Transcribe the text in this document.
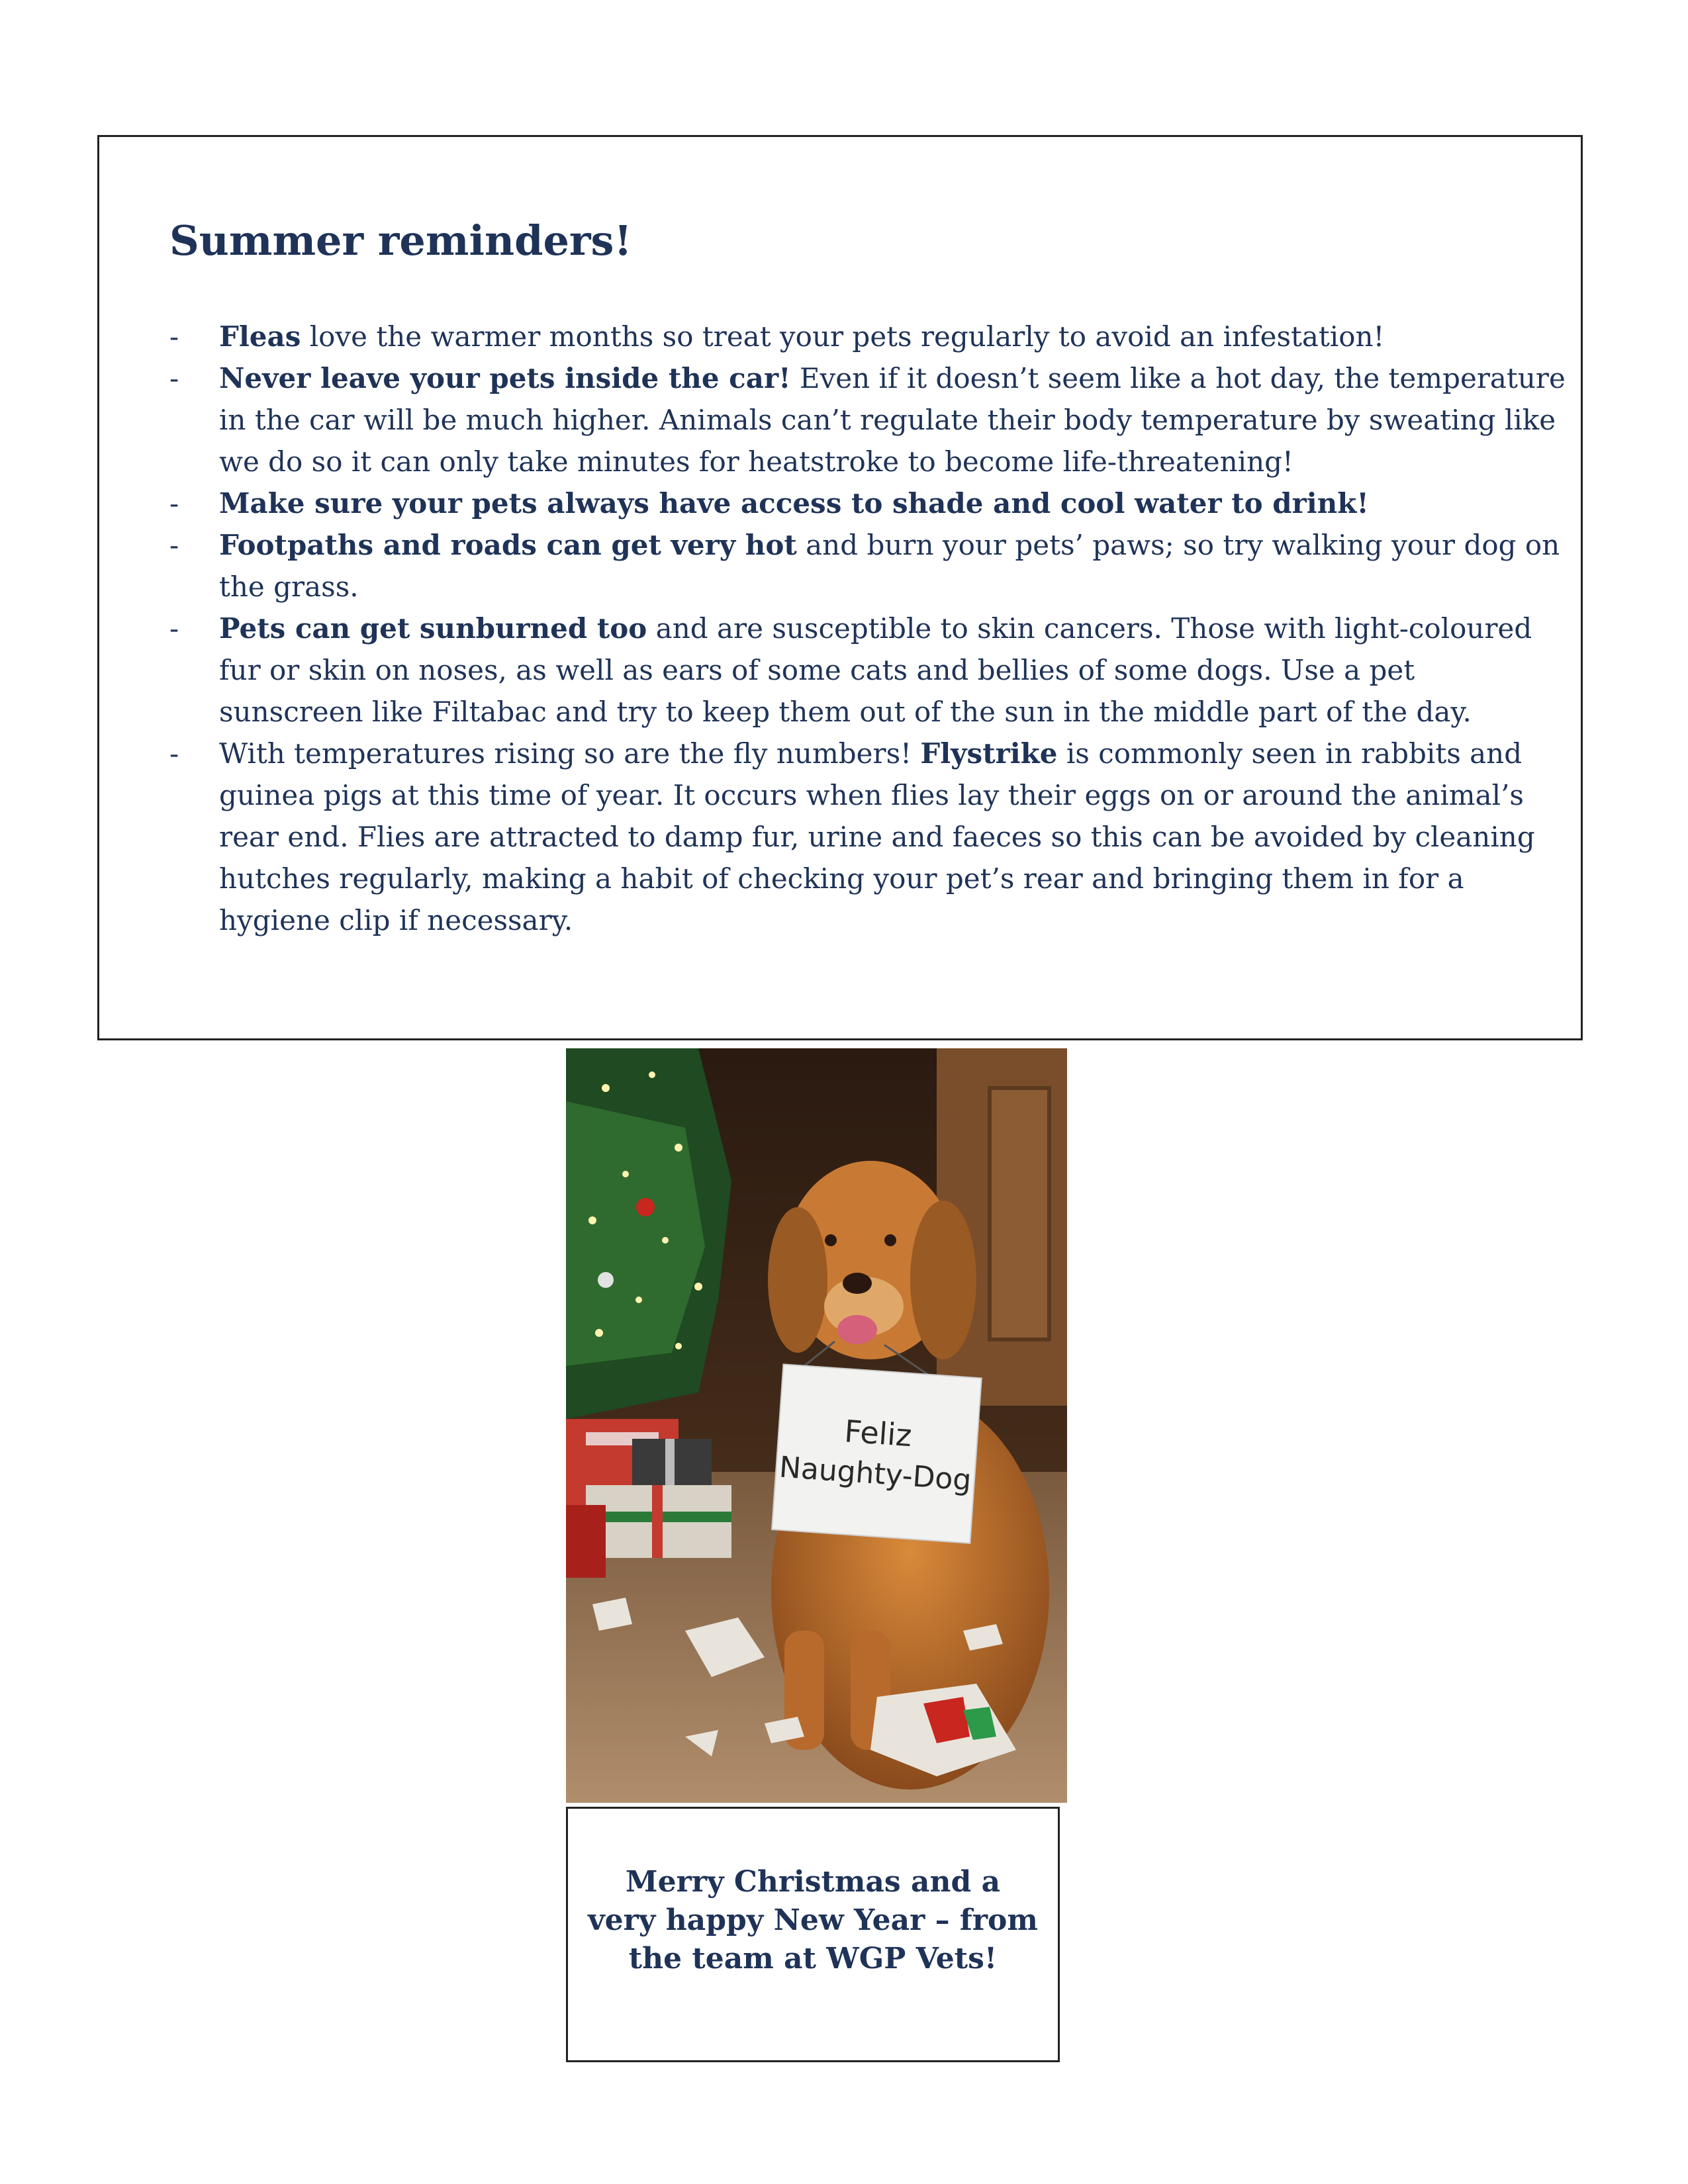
Summer reminders!
- Fleas love the warmer months so treat your pets regularly to avoid an infestation!
- Never leave your pets inside the car! Even if it doesn’t seem like a hot day, the temperature in the car will be much higher. Animals can’t regulate their body temperature by sweating like we do so it can only take minutes for heatstroke to become life-threatening!
- Make sure your pets always have access to shade and cool water to drink!
- Footpaths and roads can get very hot and burn your pets’ paws; so try walking your dog on the grass.
- Pets can get sunburned too and are susceptible to skin cancers. Those with light-coloured fur or skin on noses, as well as ears of some cats and bellies of some dogs. Use a pet sunscreen like Filtabac and try to keep them out of the sun in the middle part of the day.
- With temperatures rising so are the fly numbers! Flystrike is commonly seen in rabbits and guinea pigs at this time of year. It occurs when flies lay their eggs on or around the animal’s rear end. Flies are attracted to damp fur, urine and faeces so this can be avoided by cleaning hutches regularly, making a habit of checking your pet’s rear and bringing them in for a hygiene clip if necessary.
Feliz
Naughty-Dog

Merry Christmas and a very happy New Year – from the team at WGP Vets!
